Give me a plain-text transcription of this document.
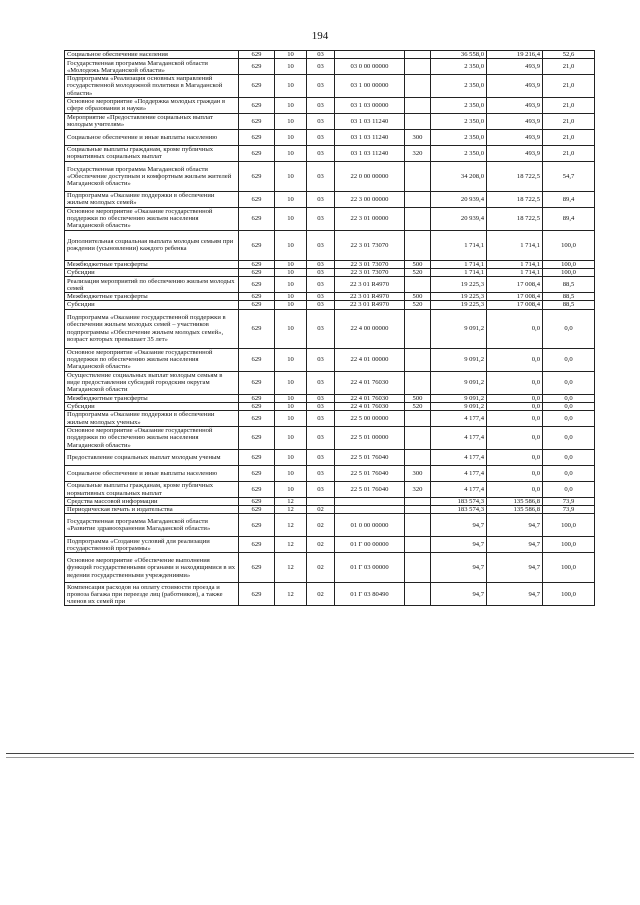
194
Социальное обеспечение населения	629	10	03			36 558,0	19 216,4	52,6
Государственная программа Магаданской области «Молодежь Магаданской области»	629	10	03	03 0 00 00000		2 350,0	493,9	21,0
Подпрограмма «Реализация основных направлений государственной молодежной политики в Магаданской области»	629	10	03	03 1 00 00000		2 350,0	493,9	21,0
Основное мероприятие «Поддержка молодых граждан в сфере образования и науки»	629	10	03	03 1 03 00000		2 350,0	493,9	21,0
Мероприятие «Предоставление социальных выплат молодым учителям»	629	10	03	03 1 03 11240		2 350,0	493,9	21,0
Социальное обеспечение и иные выплаты населению	629	10	03	03 1 03 11240	300	2 350,0	493,9	21,0
Социальные выплаты гражданам, кроме публичных нормативных социальных выплат	629	10	03	03 1 03 11240	320	2 350,0	493,9	21,0
Государственная программа Магаданской области «Обеспечение доступным и комфортным жильем жителей Магаданской области»	629	10	03	22 0 00 00000		34 208,0	18 722,5	54,7
Подпрограмма «Оказание поддержки в обеспечении жильем молодых семей»	629	10	03	22 3 00 00000		20 939,4	18 722,5	89,4
Основное мероприятие «Оказание государственной поддержки по обеспечению жильем населения Магаданской области»	629	10	03	22 3 01 00000		20 939,4	18 722,5	89,4
Дополнительная социальная выплата молодым семьям при рождении (усыновлении) каждого ребенка	629	10	03	22 3 01 73070		1 714,1	1 714,1	100,0
Межбюджетные трансферты	629	10	03	22 3 01 73070	500	1 714,1	1 714,1	100,0
Субсидии	629	10	03	22 3 01 73070	520	1 714,1	1 714,1	100,0
Реализация мероприятий по обеспечению жильем молодых семей	629	10	03	22 3 01 R4970		19 225,3	17 008,4	88,5
Межбюджетные трансферты	629	10	03	22 3 01 R4970	500	19 225,3	17 008,4	88,5
Субсидии	629	10	03	22 3 01 R4970	520	19 225,3	17 008,4	88,5
Подпрограмма «Оказание государственной поддержки в обеспечении жильем молодых семей – участников подпрограммы «Обеспечение жильем молодых семей», возраст которых превышает 35 лет»	629	10	03	22 4 00 00000		9 091,2	0,0	0,0
Основное мероприятие «Оказание государственной поддержки по обеспечению жильем населения Магаданской области»	629	10	03	22 4 01 00000		9 091,2	0,0	0,0
Осуществление социальных выплат молодым семьям в виде предоставления субсидий городским округам Магаданской области	629	10	03	22 4 01 76030		9 091,2	0,0	0,0
Межбюджетные трансферты	629	10	03	22 4 01 76030	500	9 091,2	0,0	0,0
Субсидии	629	10	03	22 4 01 76030	520	9 091,2	0,0	0,0
Подпрограмма «Оказание поддержки в обеспечении жильем молодых ученых»	629	10	03	22 5 00 00000		4 177,4	0,0	0,0
Основное мероприятие «Оказание государственной поддержки по обеспечению жильем населения Магаданской области»	629	10	03	22 5 01 00000		4 177,4	0,0	0,0
Предоставление социальных выплат молодым ученым	629	10	03	22 5 01 76040		4 177,4	0,0	0,0
Социальное обеспечение и иные выплаты населению	629	10	03	22 5 01 76040	300	4 177,4	0,0	0,0
Социальные выплаты гражданам, кроме публичных нормативных социальных выплат	629	10	03	22 5 01 76040	320	4 177,4	0,0	0,0
Средства массовой информации	629	12				183 574,3	135 586,8	73,9
Периодическая печать и издательства	629	12	02			183 574,3	135 586,8	73,9
Государственная программа Магаданской области «Развитие здравоохранения Магаданской области»	629	12	02	01 0 00 00000		94,7	94,7	100,0
Подпрограмма «Создание условий для реализации государственной программы»	629	12	02	01 Г 00 00000		94,7	94,7	100,0
Основное мероприятие «Обеспечение выполнения функций государственными органами и находящимися в их ведении государственными учреждениями»	629	12	02	01 Г 03 00000		94,7	94,7	100,0
Компенсация расходов на оплату стоимости проезда и провоза багажа при переезде лиц (работников), а также членов их семей при	629	12	02	01 Г 03 80490		94,7	94,7	100,0
